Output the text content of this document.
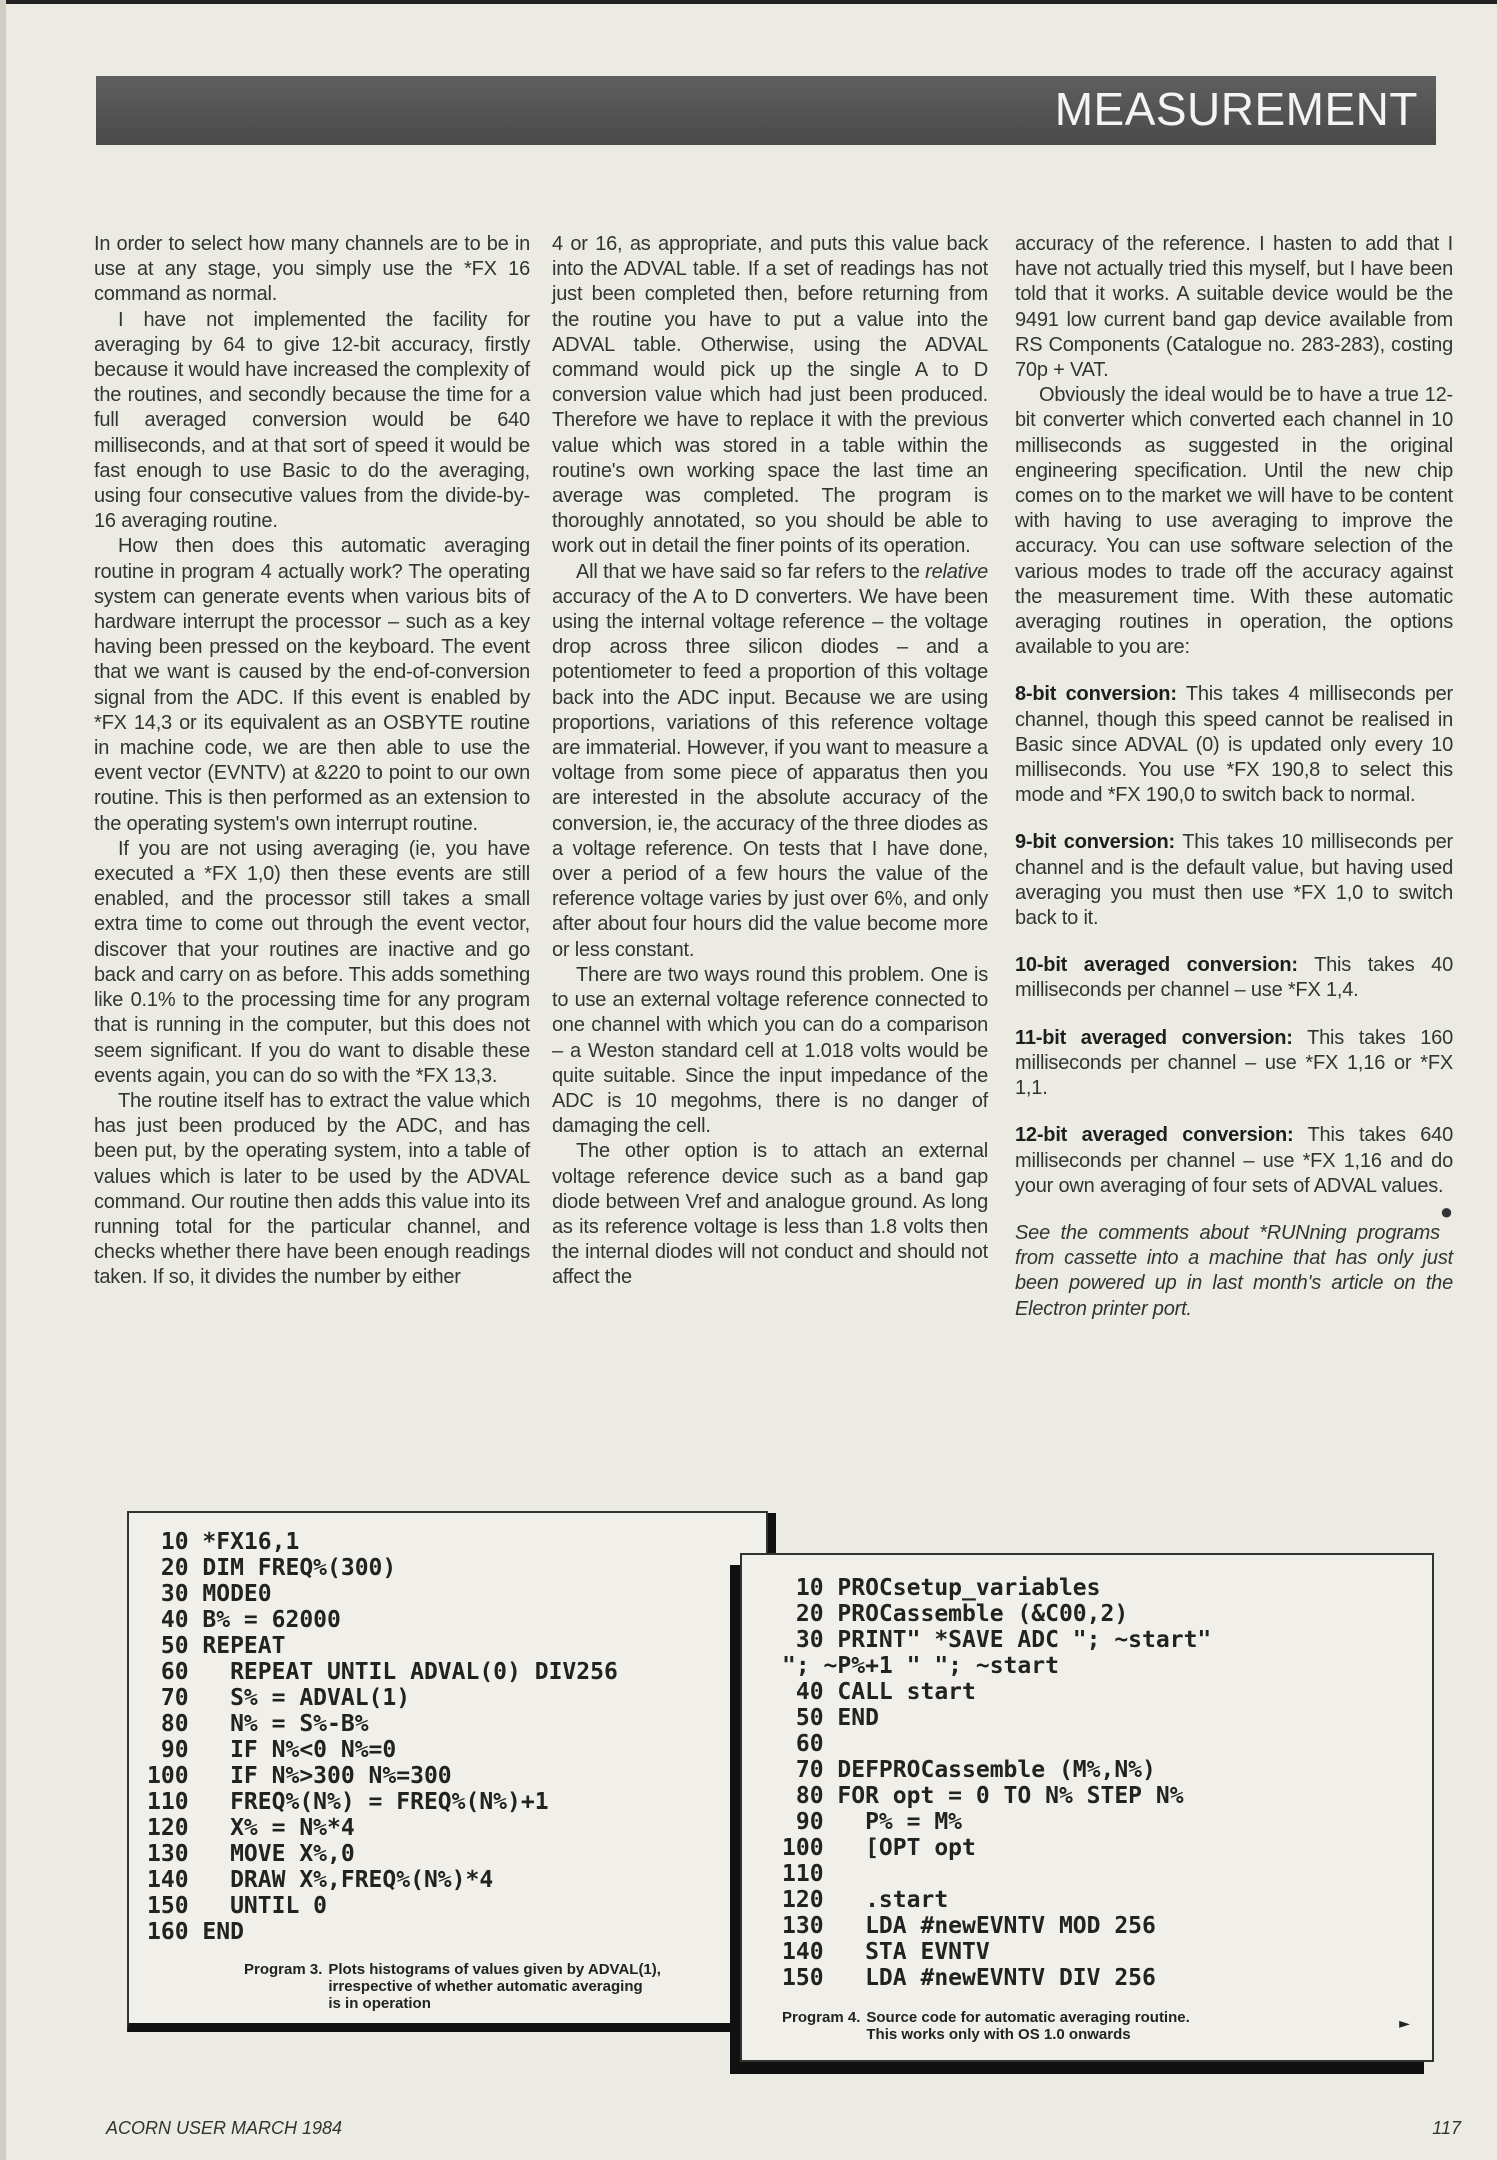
MEASUREMENT

In order to select how many channels are to be in use at any stage, you simply use the *FX 16 command as normal.

I have not implemented the facility for averaging by 64 to give 12-bit accuracy, firstly because it would have increased the complexity of the routines, and secondly because the time for a full averaged conversion would be 640 milliseconds, and at that sort of speed it would be fast enough to use Basic to do the averaging, using four consecutive values from the divide-by-16 averaging routine.

How then does this automatic averaging routine in program 4 actually work? The operating system can generate events when various bits of hardware interrupt the processor – such as a key having been pressed on the keyboard. The event that we want is caused by the end-of-conversion signal from the ADC. If this event is enabled by *FX 14,3 or its equivalent as an OSBYTE routine in machine code, we are then able to use the event vector (EVNTV) at &220 to point to our own routine. This is then performed as an extension to the operating system's own interrupt routine.

If you are not using averaging (ie, you have executed a *FX 1,0) then these events are still enabled, and the processor still takes a small extra time to come out through the event vector, discover that your routines are inactive and go back and carry on as before. This adds something like 0.1% to the processing time for any program that is running in the computer, but this does not seem significant. If you do want to disable these events again, you can do so with the *FX 13,3.

The routine itself has to extract the value which has just been produced by the ADC, and has been put, by the operating system, into a table of values which is later to be used by the ADVAL command. Our routine then adds this value into its running total for the particular channel, and checks whether there have been enough readings taken. If so, it divides the number by either

4 or 16, as appropriate, and puts this value back into the ADVAL table. If a set of readings has not just been completed then, before returning from the routine you have to put a value into the ADVAL table. Otherwise, using the ADVAL command would pick up the single A to D conversion value which had just been produced. Therefore we have to replace it with the previous value which was stored in a table within the routine's own working space the last time an average was completed. The program is thoroughly annotated, so you should be able to work out in detail the finer points of its operation.

All that we have said so far refers to the relative accuracy of the A to D converters. We have been using the internal voltage reference – the voltage drop across three silicon diodes – and a potentiometer to feed a proportion of this voltage back into the ADC input. Because we are using proportions, variations of this reference voltage are immaterial. However, if you want to measure a voltage from some piece of apparatus then you are interested in the absolute accuracy of the conversion, ie, the accuracy of the three diodes as a voltage reference. On tests that I have done, over a period of a few hours the value of the reference voltage varies by just over 6%, and only after about four hours did the value become more or less constant.

There are two ways round this problem. One is to use an external voltage reference connected to one channel with which you can do a comparison – a Weston standard cell at 1.018 volts would be quite suitable. Since the input impedance of the ADC is 10 megohms, there is no danger of damaging the cell.

The other option is to attach an external voltage reference device such as a band gap diode between Vref and analogue ground. As long as its reference voltage is less than 1.8 volts then the internal diodes will not conduct and should not affect the

accuracy of the reference. I hasten to add that I have not actually tried this myself, but I have been told that it works. A suitable device would be the 9491 low current band gap device available from RS Components (Catalogue no. 283-283), costing 70p + VAT.

Obviously the ideal would be to have a true 12-bit converter which converted each channel in 10 milliseconds as suggested in the original engineering specification. Until the new chip comes on to the market we will have to be content with having to use averaging to improve the accuracy. You can use software selection of the various modes to trade off the accuracy against the measurement time. With these automatic averaging routines in operation, the options available to you are:

8-bit conversion: This takes 4 milliseconds per channel, though this speed cannot be realised in Basic since ADVAL (0) is updated only every 10 milliseconds. You use *FX 190,8 to select this mode and *FX 190,0 to switch back to normal.

9-bit conversion: This takes 10 milliseconds per channel and is the default value, but having used averaging you must then use *FX 1,0 to switch back to it.

10-bit averaged conversion: This takes 40 milliseconds per channel – use *FX 1,4.

11-bit averaged conversion: This takes 160 milliseconds per channel – use *FX 1,16 or *FX 1,1.

12-bit averaged conversion: This takes 640 milliseconds per channel – use *FX 1,16 and do your own averaging of four sets of ADVAL values.
●

See the comments about *RUNning programs from cassette into a machine that has only just been powered up in last month's article on the Electron printer port.

10 *FX16,1
20 DIM FREQ%(300)
30 MODE0
40 B% = 62000
50 REPEAT
60   REPEAT UNTIL ADVAL(0) DIV256
70   S% = ADVAL(1)
80   N% = S%-B%
90   IF N%<0 N%=0
100   IF N%>300 N%=300
110   FREQ%(N%) = FREQ%(N%)+1
120   X% = N%*4
130   MOVE X%,0
140   DRAW X%,FREQ%(N%)*4
150   UNTIL 0
160 END
Program 3. Plots histograms of values given by ADVAL(1),
irrespective of whether automatic averaging
is in operation
10 PROCsetup_variables
20 PROCassemble (&C00,2)
30 PRINT" *SAVE ADC "; ~start"
"; ~P%+1 " "; ~start
40 CALL start
50 END
60
70 DEFPROCassemble (M%,N%)
80 FOR opt = 0 TO N% STEP N%
90   P% = M%
100   [OPT opt
110
120   .start
130   LDA #newEVNTV MOD 256
140   STA EVNTV
150   LDA #newEVNTV DIV 256
Program 4. Source code for automatic averaging routine.
This works only with OS 1.0 onwards
►
ACORN USER MARCH 1984	117
